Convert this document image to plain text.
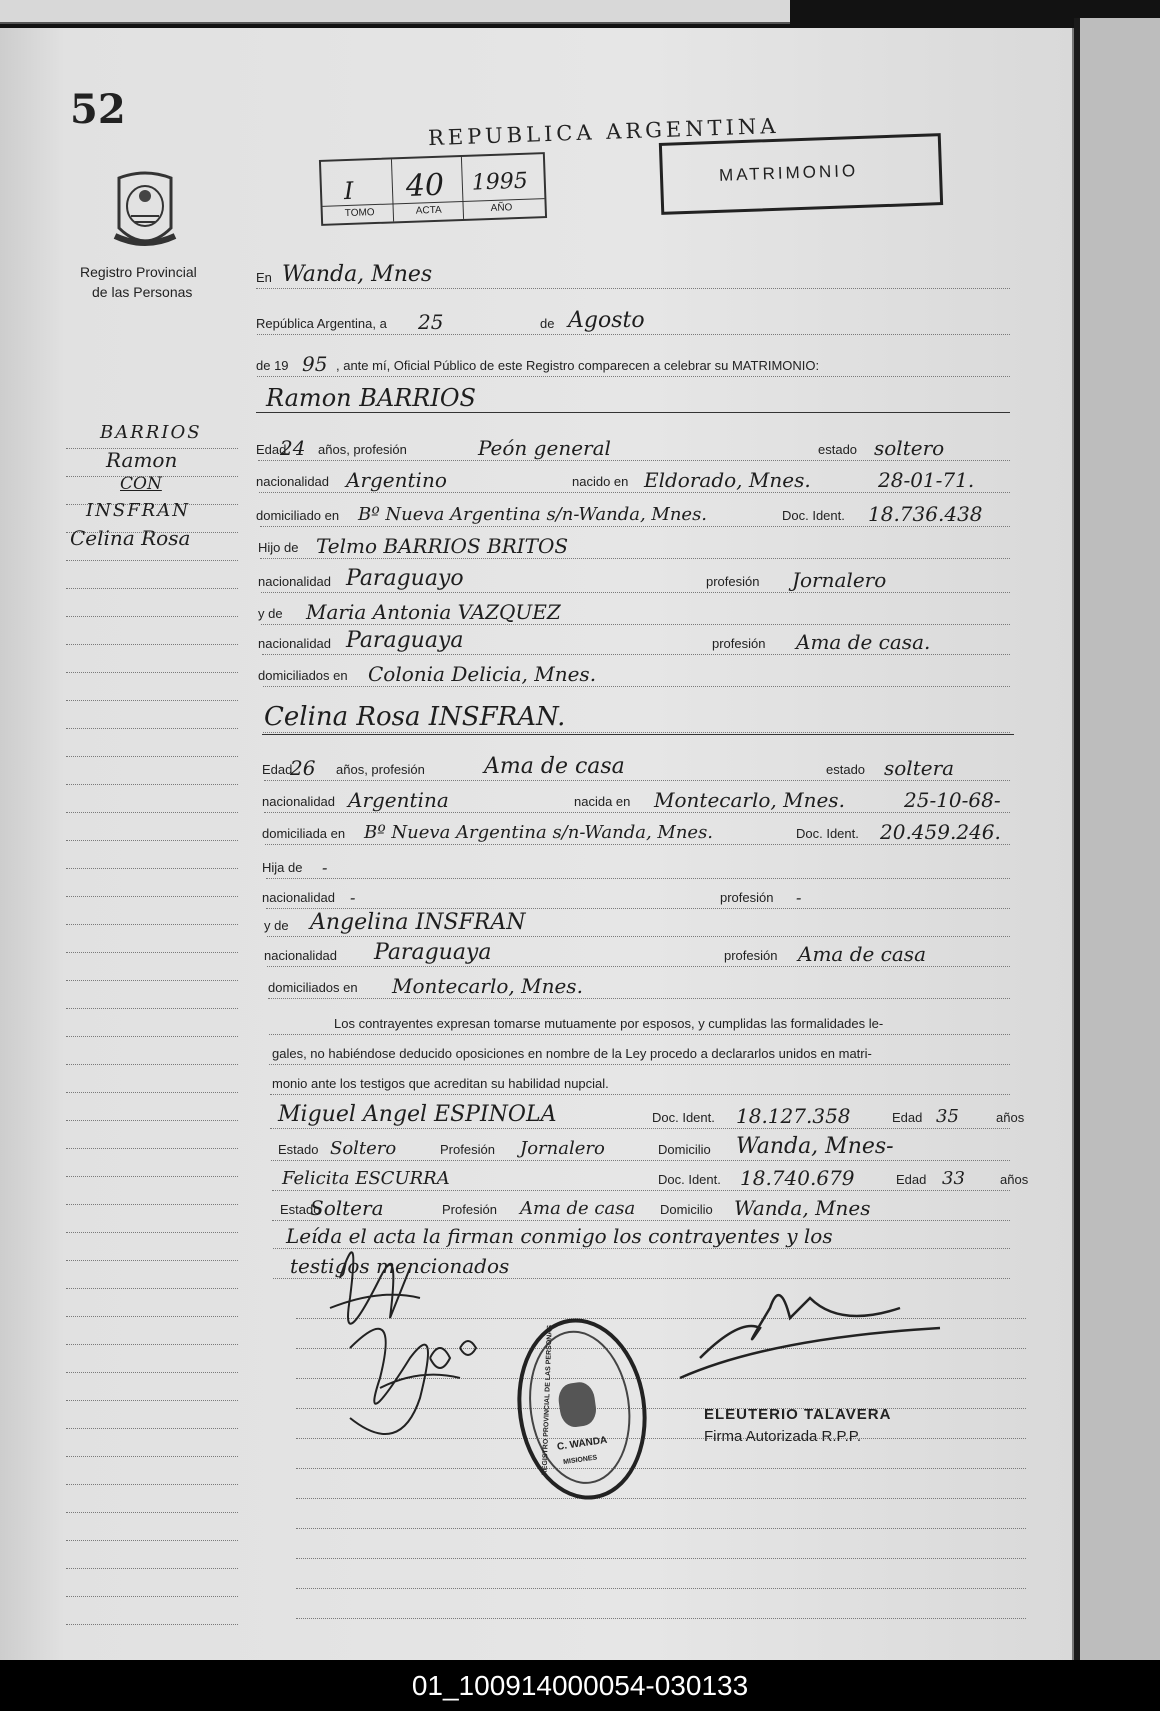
52
Registro Provincial
de las Personas
BARRIOS
Ramon
CON
INSFRAN
Celina Rosa
REPUBLICA ARGENTINA
I 40 1995
TOMO	ACTA	AÑO
MATRIMONIO
En Wanda, Mnes
República Argentina, a 25	de Agosto
de 19 95 , ante mí, Oficial Público de este Registro comparecen a celebrar su MATRIMONIO:
Ramon BARRIOS
Edad
24 años, profesión	Peón general	estado soltero
nacionalidad Argentino	nacido en Eldorado, Mnes.	28-01-71.
domiciliado en Bº Nueva Argentina s/n-Wanda, Mnes.	Doc. Ident. 18.736.438
Hijo de Telmo BARRIOS BRITOS
nacionalidad Paraguayo	profesión Jornalero
y de Maria Antonia VAZQUEZ
nacionalidad Paraguaya	profesión Ama de casa.
domiciliados en Colonia Delicia, Mnes.
Celina Rosa INSFRAN.
Edad
26 años, profesión	Ama de casa	estado soltera
nacionalidad Argentina	nacida en Montecarlo, Mnes.	25-10-68-
domiciliada en Bº Nueva Argentina s/n-Wanda, Mnes.	Doc. Ident. 20.459.246.
Hija de -
nacionalidad -	profesión -
y de Angelina INSFRAN
nacionalidad Paraguaya	profesión Ama de casa
domiciliados en Montecarlo, Mnes.
Los contrayentes expresan tomarse mutuamente por esposos, y cumplidas las formalidades le-
gales, no habiéndose deducido oposiciones en nombre de la Ley procedo a declararlos unidos en matri-
monio ante los testigos que acreditan su habilidad nupcial.
Miguel Angel ESPINOLA	Doc. Ident. 18.127.358	Edad 35	años
Estado Soltero	Profesión Jornalero	Domicilio Wanda, Mnes-
Felicita ESCURRA	Doc. Ident. 18.740.679	Edad 33	años
Estado
Soltera	Profesión Ama de casa Domicilio Wanda, Mnes
Leída el acta la firman conmigo los contrayentes y los
testigos mencionados
REGISTRO PROVINCIAL DE LAS PERSONAS C. WANDA
MISIONES
ELEUTERIO TALAVERA
Firma Autorizada R.P.P.
01_100914000054-030133
